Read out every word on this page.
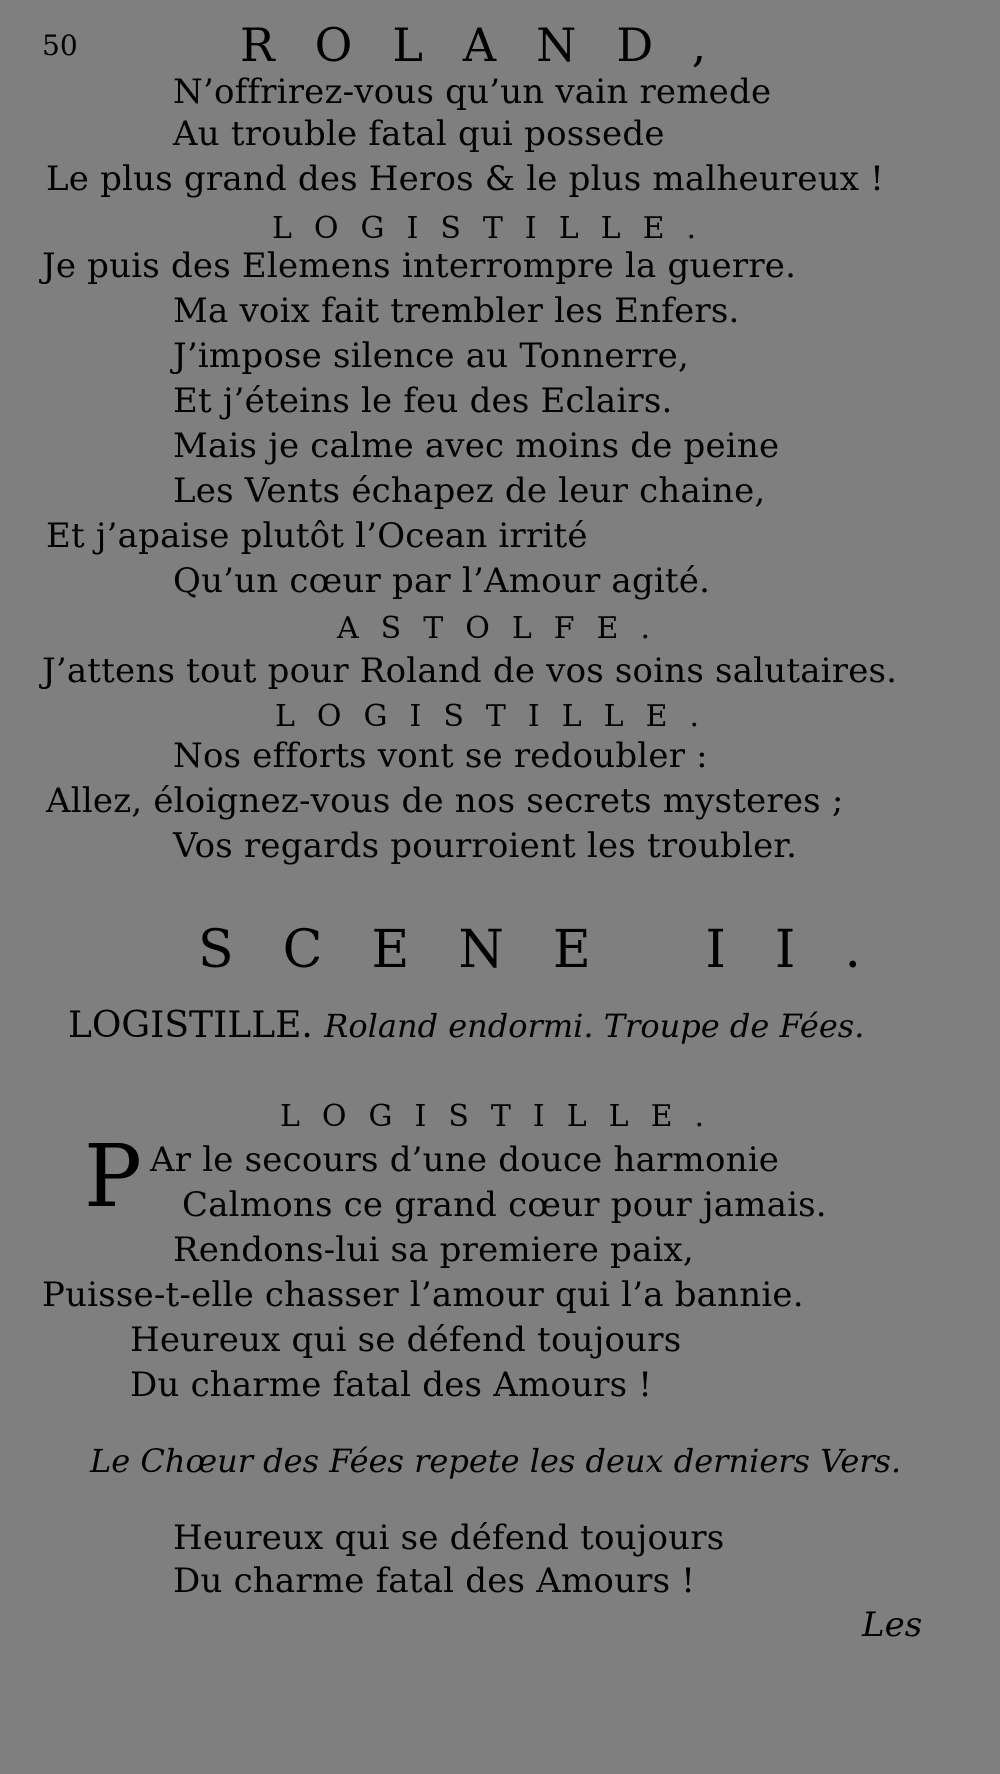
50	ROLAND,
N’offrirez-vous qu’un vain remede
Au trouble fatal qui possede
Le plus grand des Heros & le plus malheureux !
LOGISTILLE.
Je puis des Elemens interrompre la guerre.
Ma voix fait trembler les Enfers.
J’impose silence au Tonnerre,
Et j’éteins le feu des Eclairs.
Mais je calme avec moins de peine
Les Vents échapez de leur chaine,
Et j’apaise plutôt l’Ocean irrité
Qu’un cœur par l’Amour agité.
ASTOLFE.
J’attens tout pour Roland de vos soins salutaires.
LOGISTILLE.
Nos efforts vont se redoubler :
Allez, éloignez-vous de nos secrets mysteres ;
Vos regards pourroient les troubler.
SCENE II.
LOGISTILLE. Roland endormi. Troupe de Fées.
LOGISTILLE.
P Ar le secours d’une douce harmonie
Calmons ce grand cœur pour jamais.
Rendons-lui sa premiere paix,
Puisse-t-elle chasser l’amour qui l’a bannie.
Heureux qui se défend toujours
Du charme fatal des Amours !
Le Chœur des Fées repete les deux derniers Vers.
Heureux qui se défend toujours
Du charme fatal des Amours !
Les
